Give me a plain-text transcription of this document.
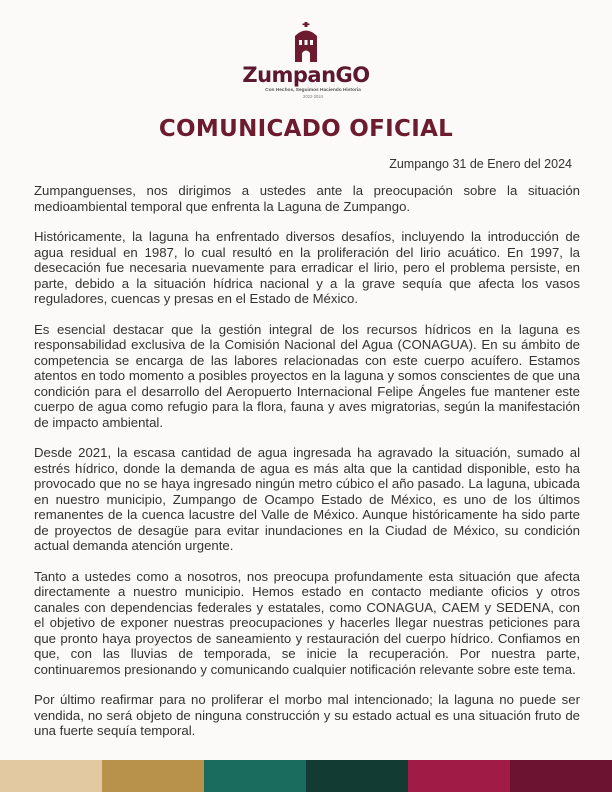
ZumpanGO
Con Hechos, Seguimos Haciendo Historia
2022-2024
COMUNICADO OFICIAL
Zumpango 31 de Enero del 2024

Zumpanguenses, nos dirigimos a ustedes ante la preocupación sobre la situación medioambiental temporal que enfrenta la Laguna de Zumpango.

Históricamente, la laguna ha enfrentado diversos desafíos, incluyendo la introducción de agua residual en 1987, lo cual resultó en la proliferación del lirio acuático. En 1997, la desecación fue necesaria nuevamente para erradicar el lirio, pero el problema persiste, en parte, debido a la situación hídrica nacional y a la grave sequía que afecta los vasos reguladores, cuencas y presas en el Estado de México.

Es esencial destacar que la gestión integral de los recursos hídricos en la laguna es responsabilidad exclusiva de la Comisión Nacional del Agua (CONAGUA). En su ámbito de competencia se encarga de las labores relacionadas con este cuerpo acuífero. Estamos atentos en todo momento a posibles proyectos en la laguna y somos conscientes de que una condición para el desarrollo del Aeropuerto Internacional Felipe Ángeles fue mantener este cuerpo de agua como refugio para la flora, fauna y aves migratorias, según la manifestación de impacto ambiental.

Desde 2021, la escasa cantidad de agua ingresada ha agravado la situación, sumado al estrés hídrico, donde la demanda de agua es más alta que la cantidad disponible, esto ha provocado que no se haya ingresado ningún metro cúbico el año pasado. La laguna, ubicada en nuestro municipio, Zumpango de Ocampo Estado de México, es uno de los últimos remanentes de la cuenca lacustre del Valle de México. Aunque históricamente ha sido parte de proyectos de desagüe para evitar inundaciones en la Ciudad de México, su condición actual demanda atención urgente.

Tanto a ustedes como a nosotros, nos preocupa profundamente esta situación que afecta directamente a nuestro municipio. Hemos estado en contacto mediante oficios y otros canales con dependencias federales y estatales, como CONAGUA, CAEM y SEDENA, con el objetivo de exponer nuestras preocupaciones y hacerles llegar nuestras peticiones para que pronto haya proyectos de saneamiento y restauración del cuerpo hídrico. Confiamos en que, con las lluvias de temporada, se inicie la recuperación. Por nuestra parte, continuaremos presionando y comunicando cualquier notificación relevante sobre este tema.

Por último reafirmar para no proliferar el morbo mal intencionado; la laguna no puede ser vendida, no será objeto de ninguna construcción y su estado actual es una situación fruto de una fuerte sequía temporal.
